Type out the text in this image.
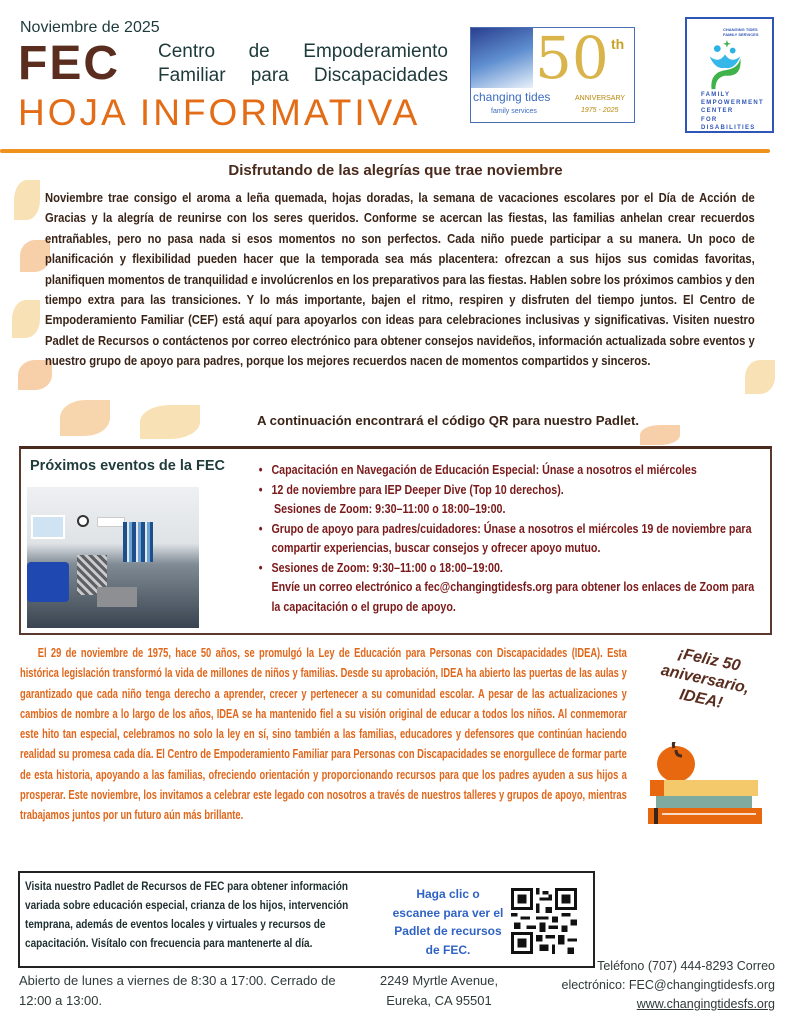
Noviembre de 2025
FEC Centro de Empoderamiento
Familiar para Discapacidades
HOJA INFORMATIVA
50 th
changing tides
family services
ANNIVERSARY
1975 - 2025
CHANGING TIDES FAMILY SERVICES
FAMILY
EMPOWERMENT
CENTER
FOR
DISABILITIES
Disfrutando de las alegrías que trae noviembre
Noviembre trae consigo el aroma a leña quemada, hojas doradas, la semana de vacaciones escolares por el Día de Acción de Gracias y la alegría de reunirse con los seres queridos. Conforme se acercan las fiestas, las familias anhelan crear recuerdos entrañables, pero no pasa nada si esos momentos no son perfectos. Cada niño puede participar a su manera. Un poco de planificación y flexibilidad pueden hacer que la temporada sea más placentera: ofrezcan a sus hijos sus comidas favoritas, planifiquen momentos de tranquilidad e involúcrenlos en los preparativos para las fiestas. Hablen sobre los próximos cambios y den tiempo extra para las transiciones. Y lo más importante, bajen el ritmo, respiren y disfruten del tiempo juntos. El Centro de Empoderamiento Familiar (CEF) está aquí para apoyarlos con ideas para celebraciones inclusivas y significativas. Visiten nuestro Padlet de Recursos o contáctenos por correo electrónico para obtener consejos navideños, información actualizada sobre eventos y nuestro grupo de apoyo para padres, porque los mejores recuerdos nacen de momentos compartidos y sinceros.
A continuación encontrará el código QR para nuestro Padlet.
Próximos eventos de la FEC	• Capacitación en Navegación de Educación Especial: Únase a nosotros el miércoles
• 12 de noviembre para IEP Deeper Dive (Top 10 derechos).
Sesiones de Zoom: 9:30–11:00 o 18:00–19:00.
• Grupo de apoyo para padres/cuidadores: Únase a nosotros el miércoles 19 de noviembre para compartir experiencias, buscar consejos y ofrecer apoyo mutuo.
• Sesiones de Zoom: 9:30–11:00 o 18:00–19:00.
Envíe un correo electrónico a fec@changingtidesfs.org para obtener los enlaces de Zoom para la capacitación o el grupo de apoyo.
El 29 de noviembre de 1975, hace 50 años, se promulgó la Ley de Educación para Personas con Discapacidades (IDEA). Esta histórica legislación transformó la vida de millones de niños y familias. Desde su aprobación, IDEA ha abierto las puertas de las aulas y garantizado que cada niño tenga derecho a aprender, crecer y pertenecer a su comunidad escolar. A pesar de las actualizaciones y cambios de nombre a lo largo de los años, IDEA se ha mantenido fiel a su visión original de educar a todos los niños. Al conmemorar este hito tan especial, celebramos no solo la ley en sí, sino también a las familias, educadores y defensores que continúan haciendo realidad su promesa cada día. El Centro de Empoderamiento Familiar para Personas con Discapacidades se enorgullece de formar parte de esta historia, apoyando a las familias, ofreciendo orientación y proporcionando recursos para que los padres ayuden a sus hijos a prosperar. Este noviembre, los invitamos a celebrar este legado con nosotros a través de nuestros talleres y grupos de apoyo, mientras trabajamos juntos por un futuro aún más brillante.
¡Feliz 50 aniversario, IDEA!
Visita nuestro Padlet de Recursos de FEC para obtener información variada sobre educación especial, crianza de los hijos, intervención temprana, además de eventos locales y virtuales y recursos de capacitación. Visítalo con frecuencia para mantenerte al día.
Haga clic o escanee para ver el Padlet de recursos de FEC.
Abierto de lunes a viernes de 8:30 a 17:00. Cerrado de 12:00 a 13:00.
2249 Myrtle Avenue,
Eureka, CA 95501
Teléfono (707) 444-8293 Correo electrónico: FEC@changingtidesfs.org
www.changingtidesfs.org
